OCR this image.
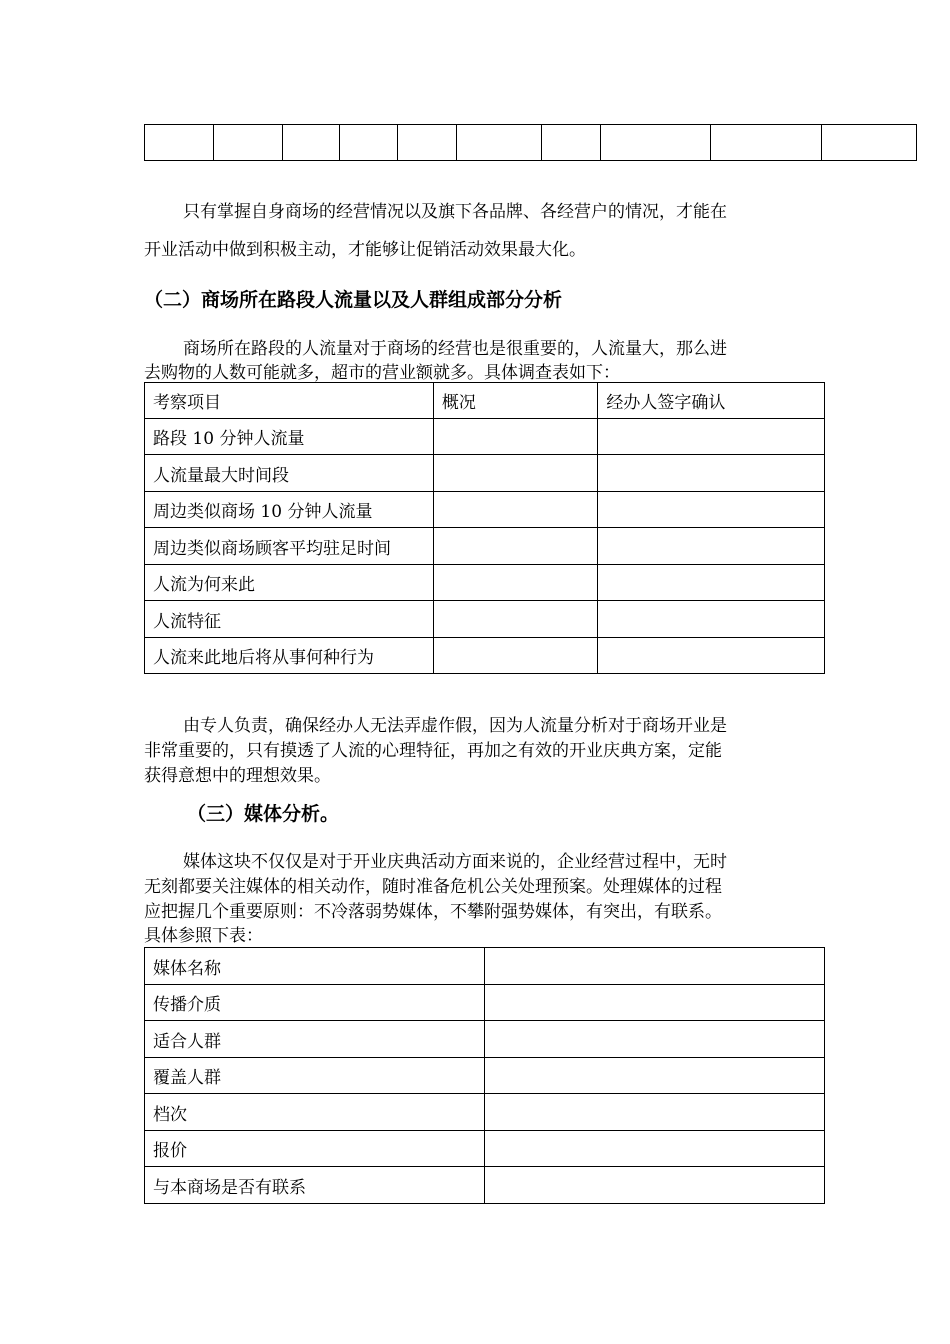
只有掌握自身商场的经营情况以及旗下各品牌、各经营户的情况，才能在
开业活动中做到积极主动，才能够让促销活动效果最大化。
（二）商场所在路段人流量以及人群组成部分分析
商场所在路段的人流量对于商场的经营也是很重要的，人流量大，那么进
去购物的人数可能就多，超市的营业额就多。具体调查表如下：
考察项目	概况	经办人签字确认
路段 10 分钟人流量		
人流量最大时间段		
周边类似商场 10 分钟人流量		
周边类似商场顾客平均驻足时间		
人流为何来此		
人流特征		
人流来此地后将从事何种行为		
由专人负责，确保经办人无法弄虚作假，因为人流量分析对于商场开业是
非常重要的，只有摸透了人流的心理特征，再加之有效的开业庆典方案，定能
获得意想中的理想效果。
（三）媒体分析。
媒体这块不仅仅是对于开业庆典活动方面来说的，企业经营过程中，无时
无刻都要关注媒体的相关动作，随时准备危机公关处理预案。处理媒体的过程
应把握几个重要原则：不冷落弱势媒体，不攀附强势媒体，有突出，有联系。
具体参照下表：
媒体名称	
传播介质	
适合人群	
覆盖人群	
档次	
报价	
与本商场是否有联系	
